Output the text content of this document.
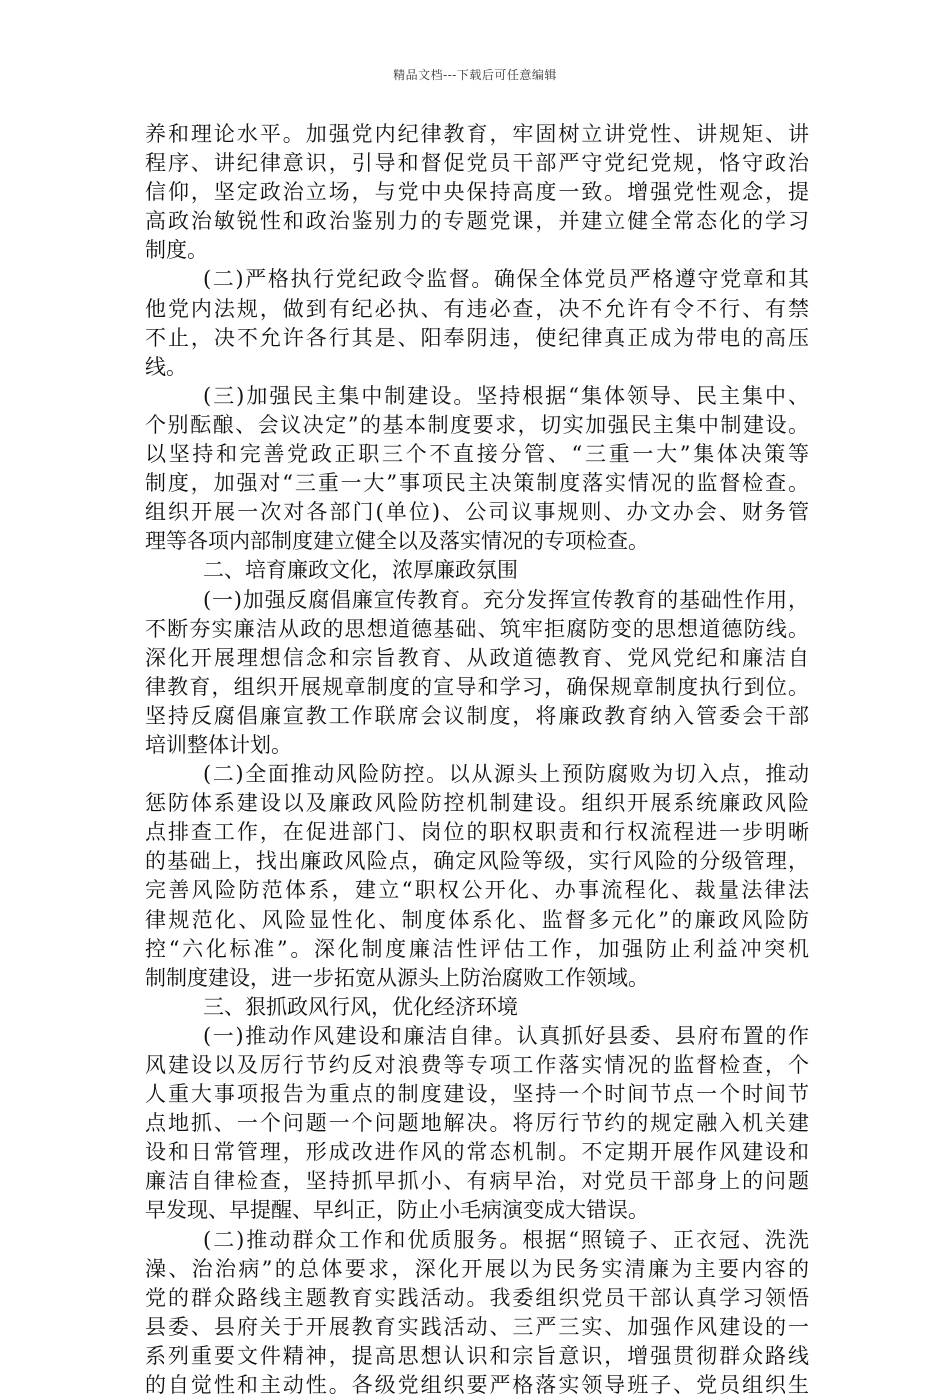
精品文档---下载后可任意编辑
养和理论水平。加强党内纪律教育，牢固树立讲党性、讲规矩、讲
程序、讲纪律意识，引导和督促党员干部严守党纪党规，恪守政治
信仰，坚定政治立场，与党中央保持高度一致。增强党性观念，提
高政治敏锐性和政治鉴别力的专题党课，并建立健全常态化的学习
制度。
(二)严格执行党纪政令监督。确保全体党员严格遵守党章和其
他党内法规，做到有纪必执、有违必查，决不允许有令不行、有禁
不止，决不允许各行其是、阳奉阴违，使纪律真正成为带电的高压
线。
(三)加强民主集中制建设。坚持根据“集体领导、民主集中、
个别酝酿、会议决定”的基本制度要求，切实加强民主集中制建设。
以坚持和完善党政正职三个不直接分管、“三重一大”集体决策等
制度，加强对“三重一大”事项民主决策制度落实情况的监督检查。
组织开展一次对各部门(单位)、公司议事规则、办文办会、财务管
理等各项内部制度建立健全以及落实情况的专项检查。
二、培育廉政文化，浓厚廉政氛围
(一)加强反腐倡廉宣传教育。充分发挥宣传教育的基础性作用，
不断夯实廉洁从政的思想道德基础、筑牢拒腐防变的思想道德防线。
深化开展理想信念和宗旨教育、从政道德教育、党风党纪和廉洁自
律教育，组织开展规章制度的宣导和学习，确保规章制度执行到位。
坚持反腐倡廉宣教工作联席会议制度，将廉政教育纳入管委会干部
培训整体计划。
(二)全面推动风险防控。以从源头上预防腐败为切入点，推动
惩防体系建设以及廉政风险防控机制建设。组织开展系统廉政风险
点排查工作，在促进部门、岗位的职权职责和行权流程进一步明晰
的基础上，找出廉政风险点，确定风险等级，实行风险的分级管理，
完善风险防范体系，建立“职权公开化、办事流程化、裁量法律法
律规范化、风险显性化、制度体系化、监督多元化”的廉政风险防
控“六化标准”。深化制度廉洁性评估工作，加强防止利益冲突机
制制度建设，进一步拓宽从源头上防治腐败工作领域。
三、狠抓政风行风，优化经济环境
(一)推动作风建设和廉洁自律。认真抓好县委、县府布置的作
风建设以及厉行节约反对浪费等专项工作落实情况的监督检查，个
人重大事项报告为重点的制度建设，坚持一个时间节点一个时间节
点地抓、一个问题一个问题地解决。将厉行节约的规定融入机关建
设和日常管理，形成改进作风的常态机制。不定期开展作风建设和
廉洁自律检查，坚持抓早抓小、有病早治，对党员干部身上的问题
早发现、早提醒、早纠正，防止小毛病演变成大错误。
(二)推动群众工作和优质服务。根据“照镜子、正衣冠、洗洗
澡、治治病”的总体要求，深化开展以为民务实清廉为主要内容的
党的群众路线主题教育实践活动。我委组织党员干部认真学习领悟
县委、县府关于开展教育实践活动、三严三实、加强作风建设的一
系列重要文件精神，提高思想认识和宗旨意识，增强贯彻群众路线
的自觉性和主动性。各级党组织要严格落实领导班子、党员组织生
